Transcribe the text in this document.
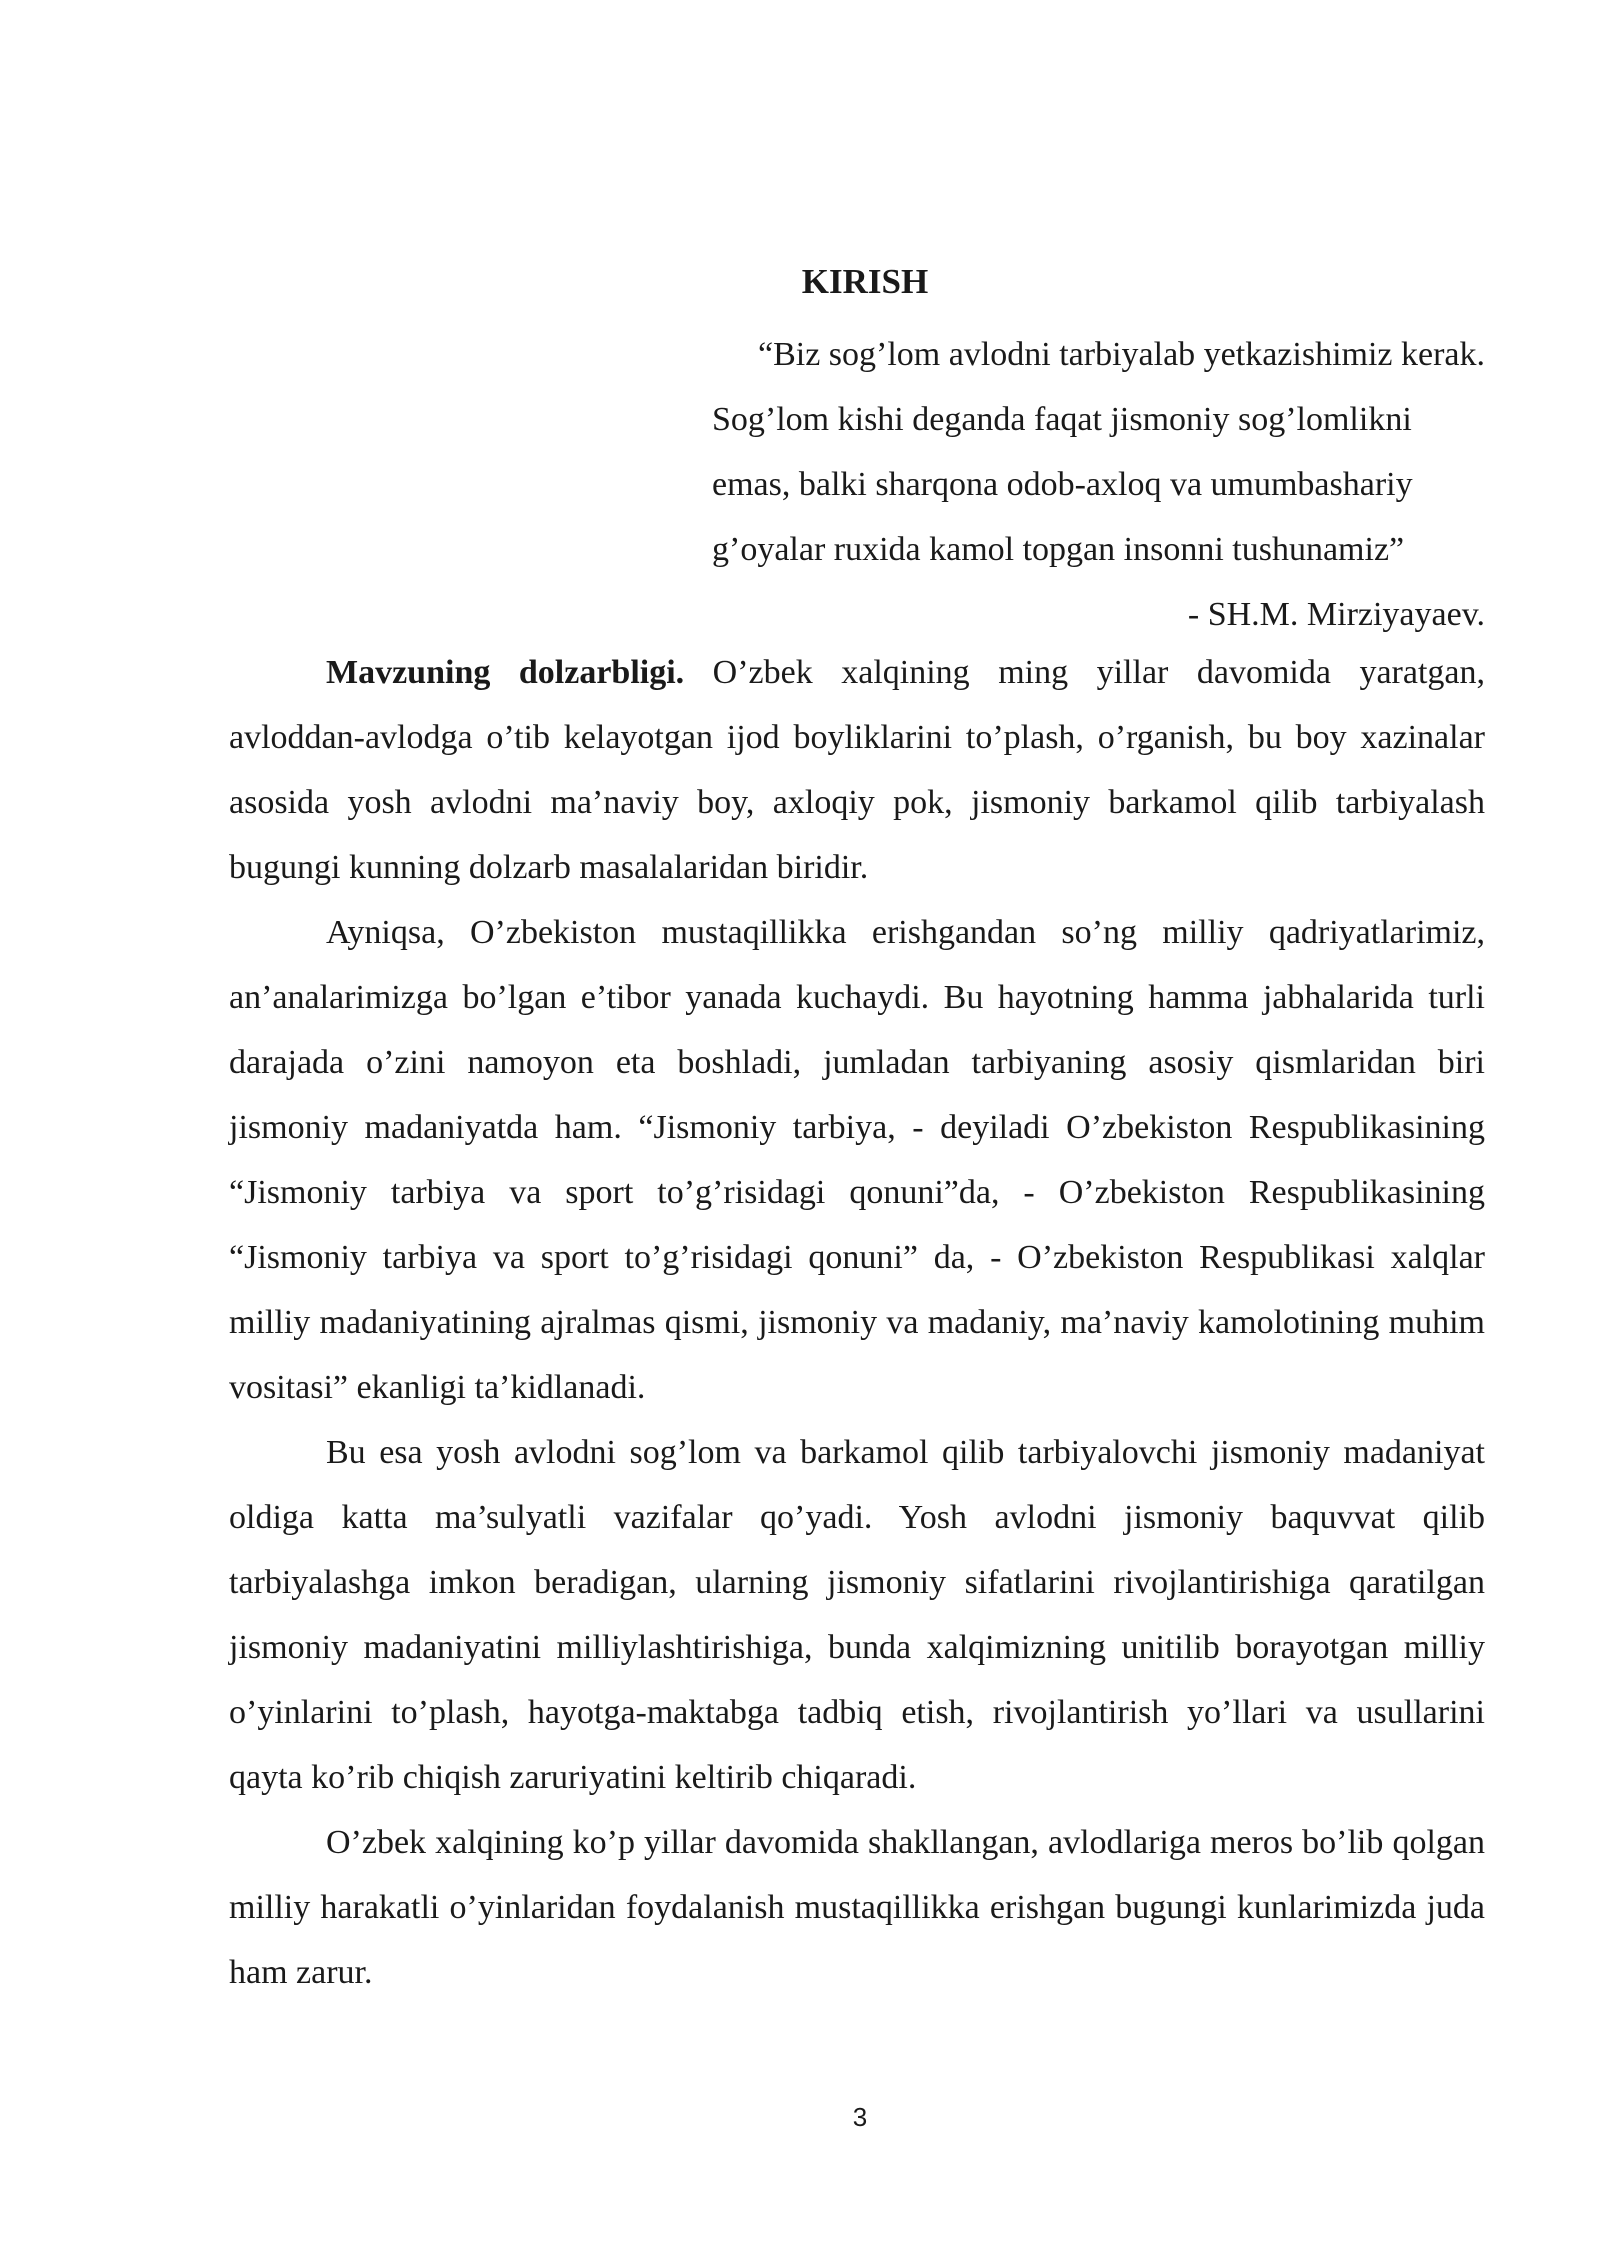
KIRISH
“Biz sog’lom avlodni tarbiyalab yetkazishimiz kerak.
Sog’lom kishi deganda faqat jismoniy sog’lomlikni
emas, balki sharqona odob-axloq va umumbashariy
g’oyalar ruxida kamol topgan insonni tushunamiz”
- SH.M. Mirziyayaev.

Mavzuning dolzarbligi. O’zbek xalqining ming yillar davomida yaratgan, avloddan-avlodga o’tib kelayotgan ijod boyliklarini to’plash, o’rganish, bu boy xazinalar asosida yosh avlodni ma’naviy boy, axloqiy pok, jismoniy barkamol qilib tarbiyalash bugungi kunning dolzarb masalalaridan biridir.

Ayniqsa, O’zbekiston mustaqillikka erishgandan so’ng milliy qadriyatlarimiz, an’analarimizga bo’lgan e’tibor yanada kuchaydi. Bu hayotning hamma jabhalarida turli darajada o’zini namoyon eta boshladi, jumladan tarbiyaning asosiy qismlaridan biri jismoniy madaniyatda ham. “Jismoniy tarbiya, - deyiladi O’zbekiston Respublikasining “Jismoniy tarbiya va sport to’g’risidagi qonuni”da, - O’zbekiston Respublikasining “Jismoniy tarbiya va sport to’g’risidagi qonuni” da, - O’zbekiston Respublikasi xalqlar milliy madaniyatining ajralmas qismi, jismoniy va madaniy, ma’naviy kamolotining muhim vositasi” ekanligi ta’kidlanadi.

Bu esa yosh avlodni sog’lom va barkamol qilib tarbiyalovchi jismoniy madaniyat oldiga katta ma’sulyatli vazifalar qo’yadi. Yosh avlodni jismoniy baquvvat qilib tarbiyalashga imkon beradigan, ularning jismoniy sifatlarini rivojlantirishiga qaratilgan jismoniy madaniyatini milliylashtirishiga, bunda xalqimizning unitilib borayotgan milliy o’yinlarini to’plash, hayotga-maktabga tadbiq etish, rivojlantirish yo’llari va usullarini qayta ko’rib chiqish zaruriyatini keltirib chiqaradi.

O’zbek xalqining ko’p yillar davomida shakllangan, avlodlariga meros bo’lib qolgan milliy harakatli o’yinlaridan foydalanish mustaqillikka erishgan bugungi kunlarimizda juda ham zarur.

3
